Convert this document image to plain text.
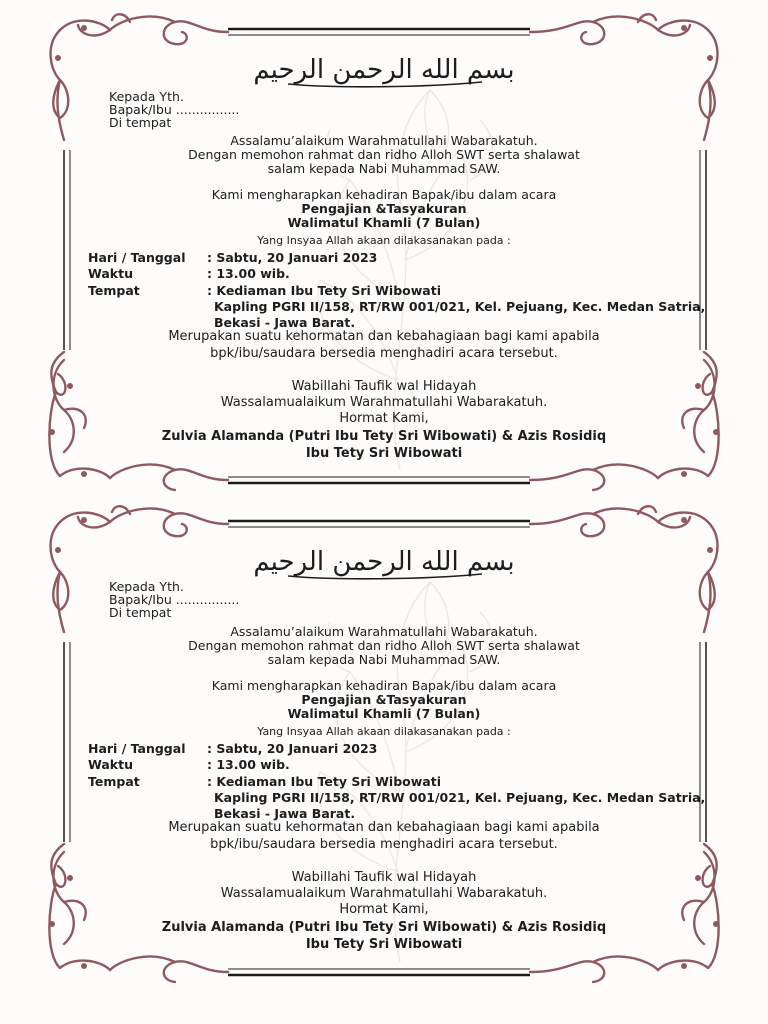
بسم الله الرحمن الرحيم
Kepada Yth.
Bapak/Ibu ................
Di tempat
Assalamu’alaikum Warahmatullahi Wabarakatuh.
Dengan memohon rahmat dan ridho Alloh SWT serta shalawat
salam kepada Nabi Muhammad SAW.
Kami mengharapkan kehadiran Bapak/ibu dalam acara
Pengajian &Tasyakuran
Walimatul Khamli (7 Bulan)
Yang Insyaa Allah akaan dilakasanakan pada :
Hari / Tanggal : Sabtu, 20 Januari 2023
Waktu	: 13.00 wib.
Tempat	: Kediaman Ibu Tety Sri Wibowati
Kapling PGRI II/158, RT/RW 001/021, Kel. Pejuang, Kec. Medan Satria,
Bekasi - Jawa Barat.
Merupakan suatu kehormatan dan kebahagiaan bagi kami apabila
bpk/ibu/saudara bersedia menghadiri acara tersebut.
Wabillahi Taufik wal Hidayah
Wassalamualaikum Warahmatullahi Wabarakatuh.
Hormat Kami,
Zulvia Alamanda (Putri Ibu Tety Sri Wibowati) & Azis Rosidiq
Ibu Tety Sri Wibowati
بسم الله الرحمن الرحيم
Kepada Yth.
Bapak/Ibu ................
Di tempat
Assalamu’alaikum Warahmatullahi Wabarakatuh.
Dengan memohon rahmat dan ridho Alloh SWT serta shalawat
salam kepada Nabi Muhammad SAW.
Kami mengharapkan kehadiran Bapak/ibu dalam acara
Pengajian &Tasyakuran
Walimatul Khamli (7 Bulan)
Yang Insyaa Allah akaan dilakasanakan pada :
Hari / Tanggal : Sabtu, 20 Januari 2023
Waktu	: 13.00 wib.
Tempat	: Kediaman Ibu Tety Sri Wibowati
Kapling PGRI II/158, RT/RW 001/021, Kel. Pejuang, Kec. Medan Satria,
Bekasi - Jawa Barat.
Merupakan suatu kehormatan dan kebahagiaan bagi kami apabila
bpk/ibu/saudara bersedia menghadiri acara tersebut.
Wabillahi Taufik wal Hidayah
Wassalamualaikum Warahmatullahi Wabarakatuh.
Hormat Kami,
Zulvia Alamanda (Putri Ibu Tety Sri Wibowati) & Azis Rosidiq
Ibu Tety Sri Wibowati
